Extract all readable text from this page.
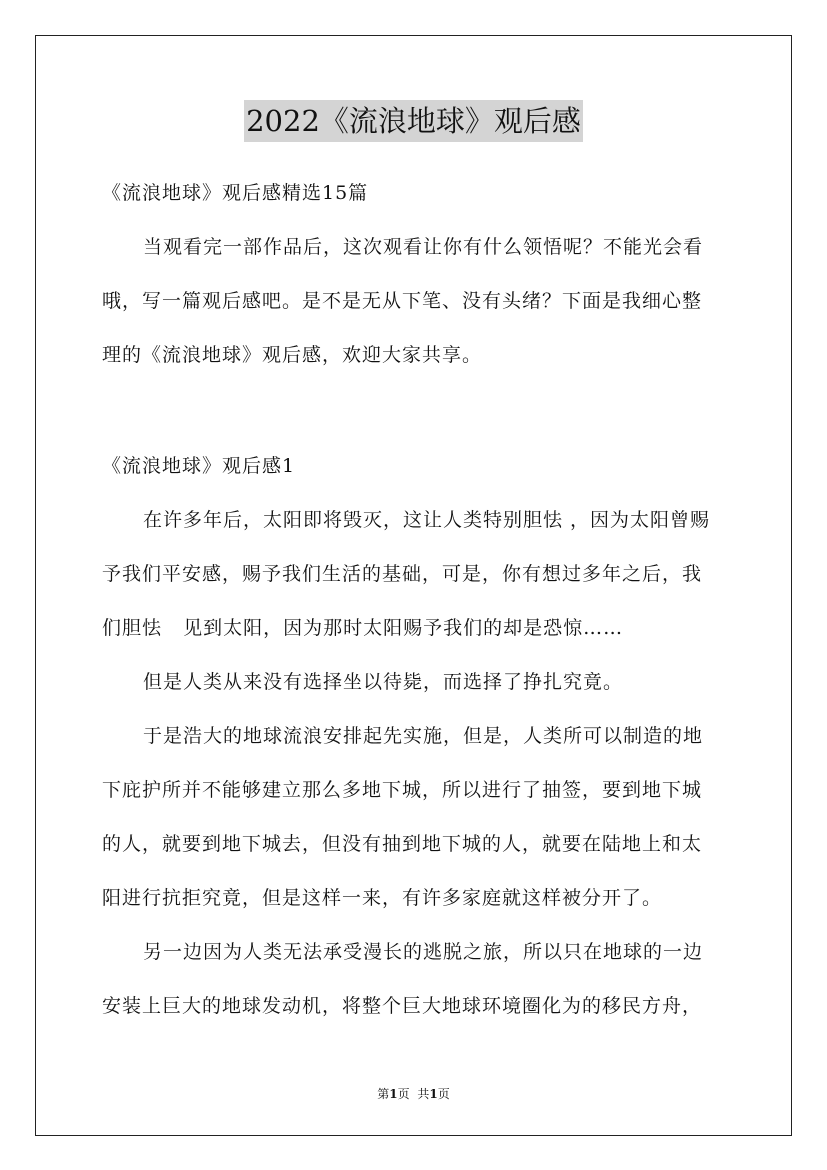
2022《流浪地球》观后感
《流浪地球》观后感精选15篇
当观看完一部作品后，这次观看让你有什么领悟呢？不能光会看
哦，写一篇观后感吧。是不是无从下笔、没有头绪？下面是我细心整
理的《流浪地球》观后感，欢迎大家共享。
《流浪地球》观后感1
在许多年后，太阳即将毁灭，这让人类特别胆怯 ，因为太阳曾赐
予我们平安感，赐予我们生活的基础，可是，你有想过多年之后，我
们胆怯   见到太阳，因为那时太阳赐予我们的却是恐惊……
但是人类从来没有选择坐以待毙，而选择了挣扎究竟。
于是浩大的地球流浪安排起先实施，但是，人类所可以制造的地
下庇护所并不能够建立那么多地下城，所以进行了抽签，要到地下城
的人，就要到地下城去，但没有抽到地下城的人，就要在陆地上和太
阳进行抗拒究竟，但是这样一来，有许多家庭就这样被分开了。
另一边因为人类无法承受漫长的逃脱之旅，所以只在地球的一边
安装上巨大的地球发动机，将整个巨大地球环境圈化为的移民方舟，
第1页 共1页
